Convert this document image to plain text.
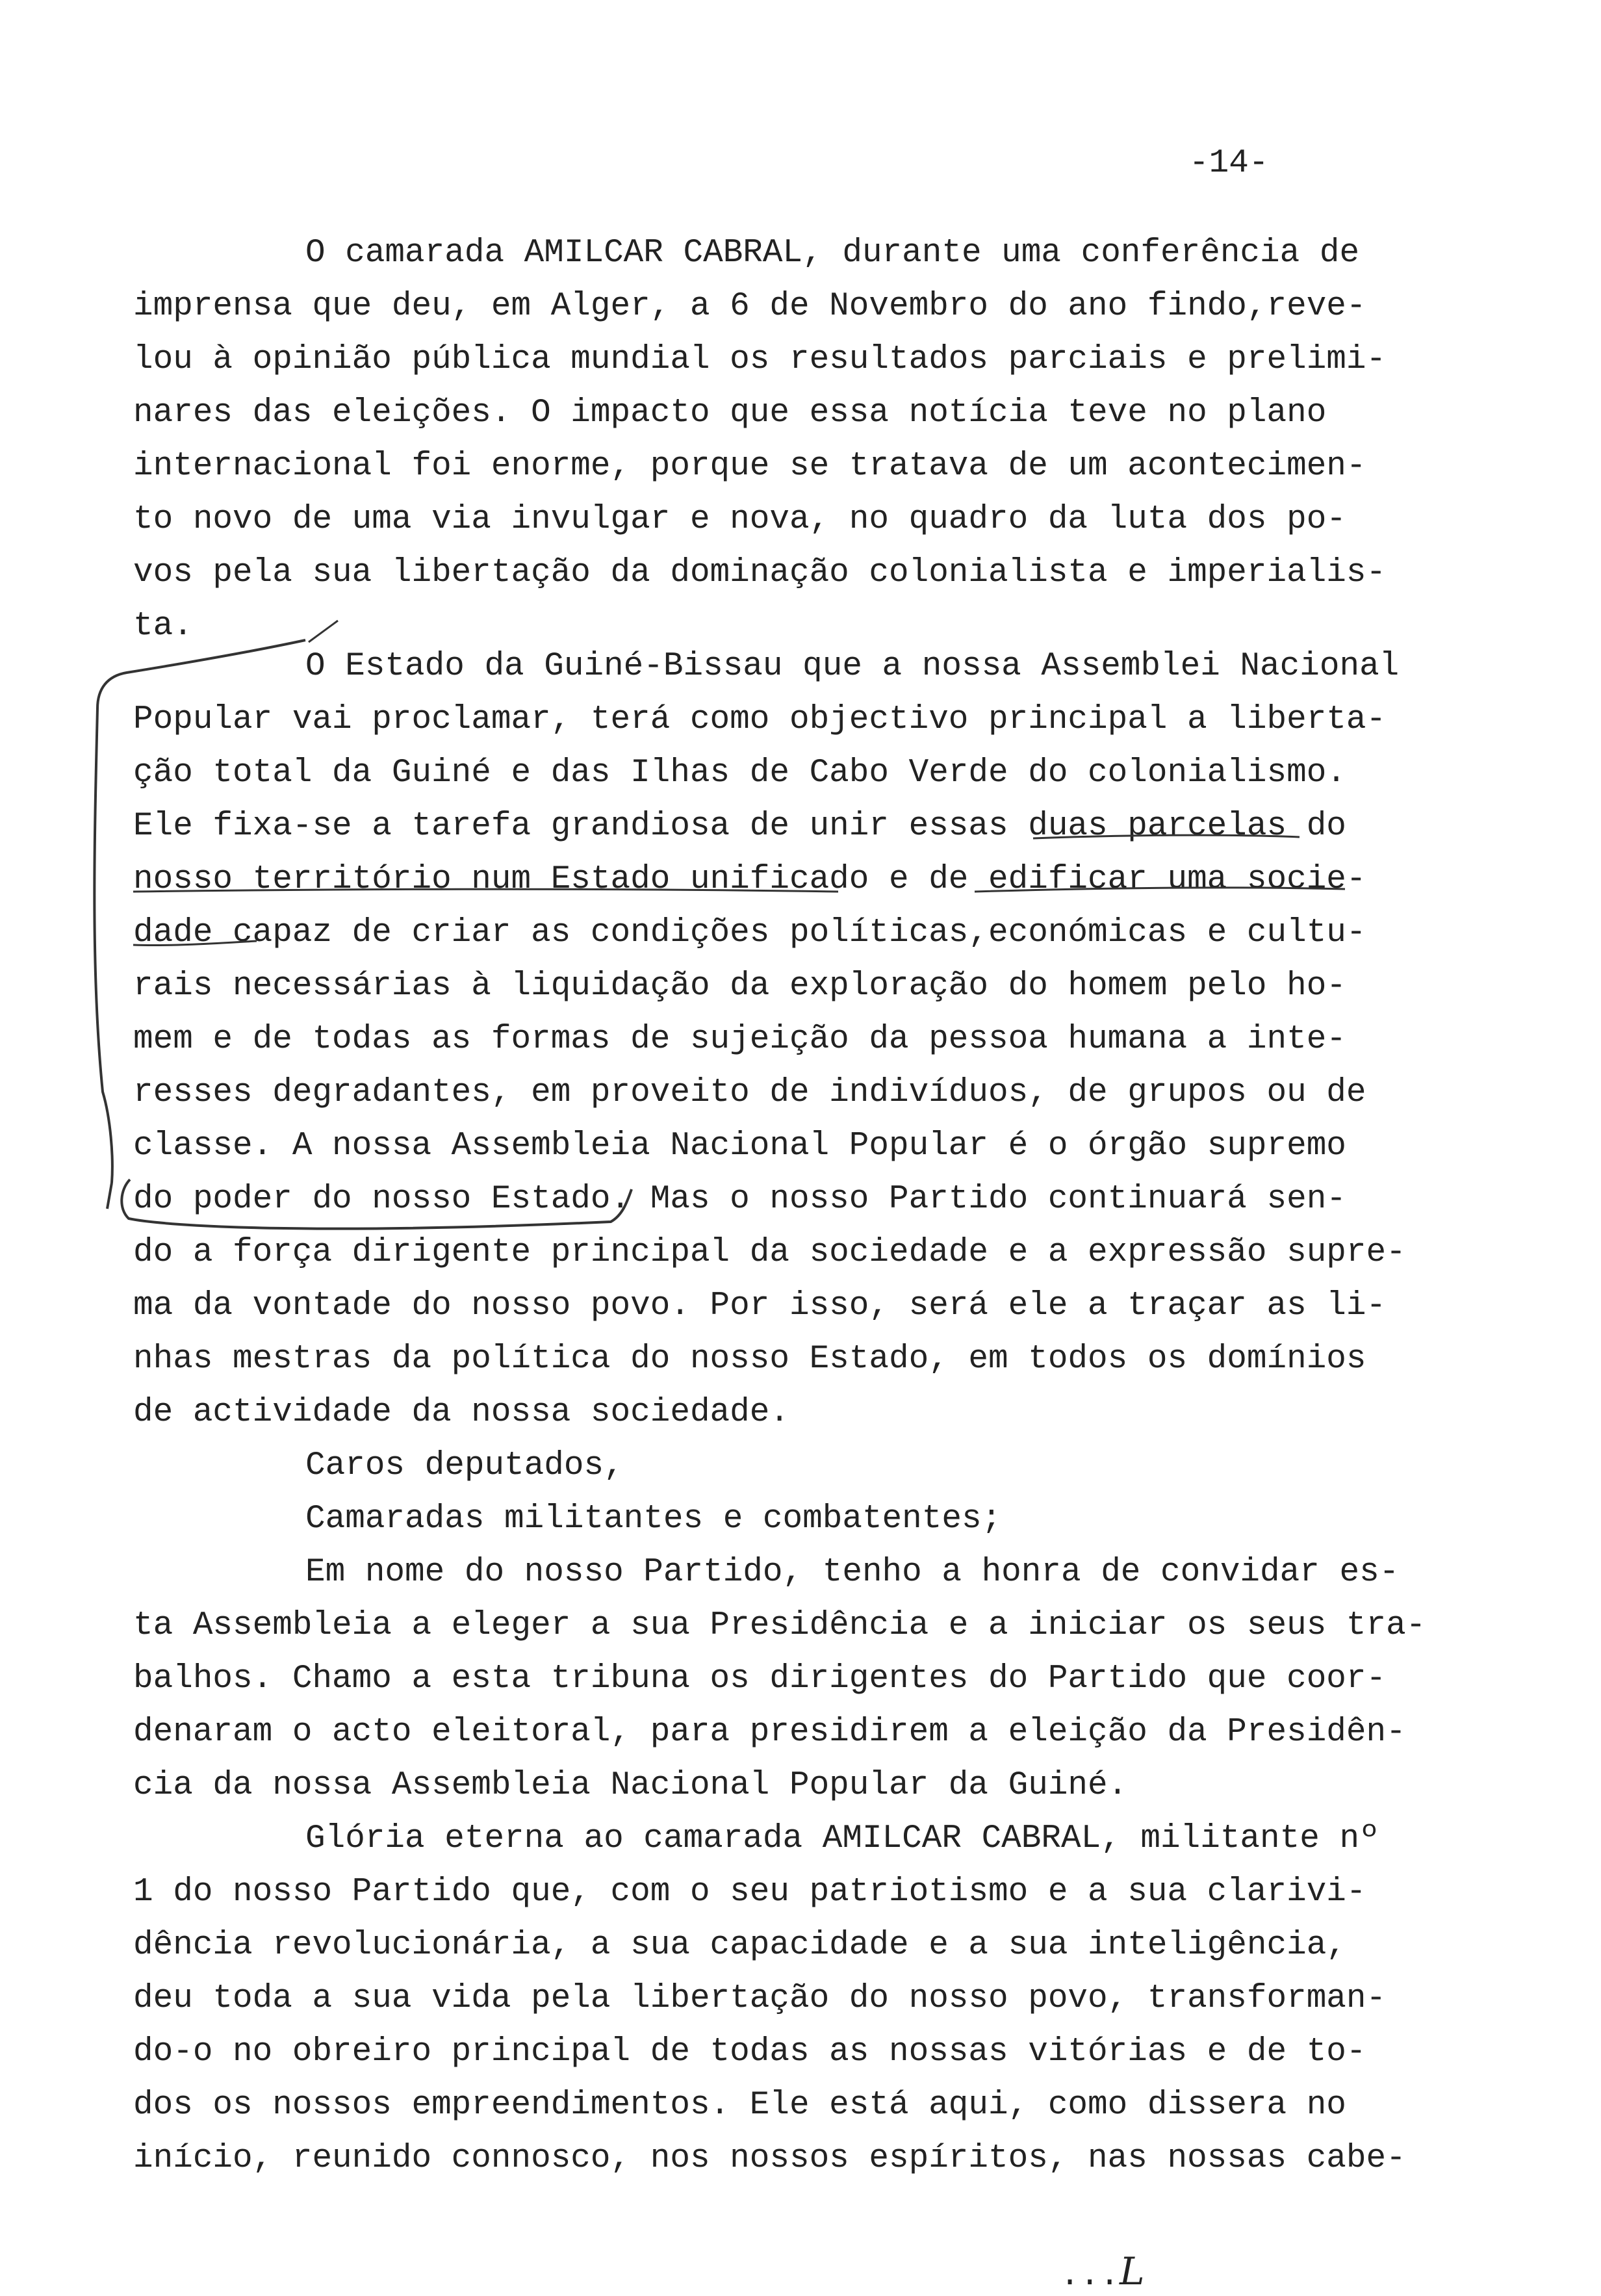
-14-
O camarada AMILCAR CABRAL, durante uma conferência de
imprensa que deu, em Alger, a 6 de Novembro do ano findo,reve-
lou à opinião pública mundial os resultados parciais e prelimi-
nares das eleições. O impacto que essa notícia teve no plano
internacional foi enorme, porque se tratava de um acontecimen-
to novo de uma via invulgar e nova, no quadro da luta dos po-
vos pela sua libertação da dominação colonialista e imperialis-
ta.
O Estado da Guiné-Bissau que a nossa Assemblei Nacional
Popular vai proclamar, terá como objectivo principal a liberta-
ção total da Guiné e das Ilhas de Cabo Verde do colonialismo.
Ele fixa-se a tarefa grandiosa de unir essas duas parcelas do
nosso território num Estado unificado e de edificar uma socie-
dade capaz de criar as condições políticas,económicas e cultu-
rais necessárias à liquidação da exploração do homem pelo ho-
mem e de todas as formas de sujeição da pessoa humana a inte-
resses degradantes, em proveito de indivíduos, de grupos ou de
classe. A nossa Assembleia Nacional Popular é o órgão supremo
do poder do nosso Estado. Mas o nosso Partido continuará sen-
do a força dirigente principal da sociedade e a expressão supre-
ma da vontade do nosso povo. Por isso, será ele a traçar as li-
nhas mestras da política do nosso Estado, em todos os domínios
de actividade da nossa sociedade.
Caros deputados,
Camaradas militantes e combatentes;
Em nome do nosso Partido, tenho a honra de convidar es-
ta Assembleia a eleger a sua Presidência e a iniciar os seus tra-
balhos. Chamo a esta tribuna os dirigentes do Partido que coor-
denaram o acto eleitoral, para presidirem a eleição da Presidên-
cia da nossa Assembleia Nacional Popular da Guiné.
Glória eterna ao camarada AMILCAR CABRAL, militante nº
1 do nosso Partido que, com o seu patriotismo e a sua clarivi-
dência revolucionária, a sua capacidade e a sua inteligência,
deu toda a sua vida pela libertação do nosso povo, transforman-
do-o no obreiro principal de todas as nossas vitórias e de to-
dos os nossos empreendimentos. Ele está aqui, como dissera no
início, reunido connosco, nos nossos espíritos, nas nossas cabe-

...L
